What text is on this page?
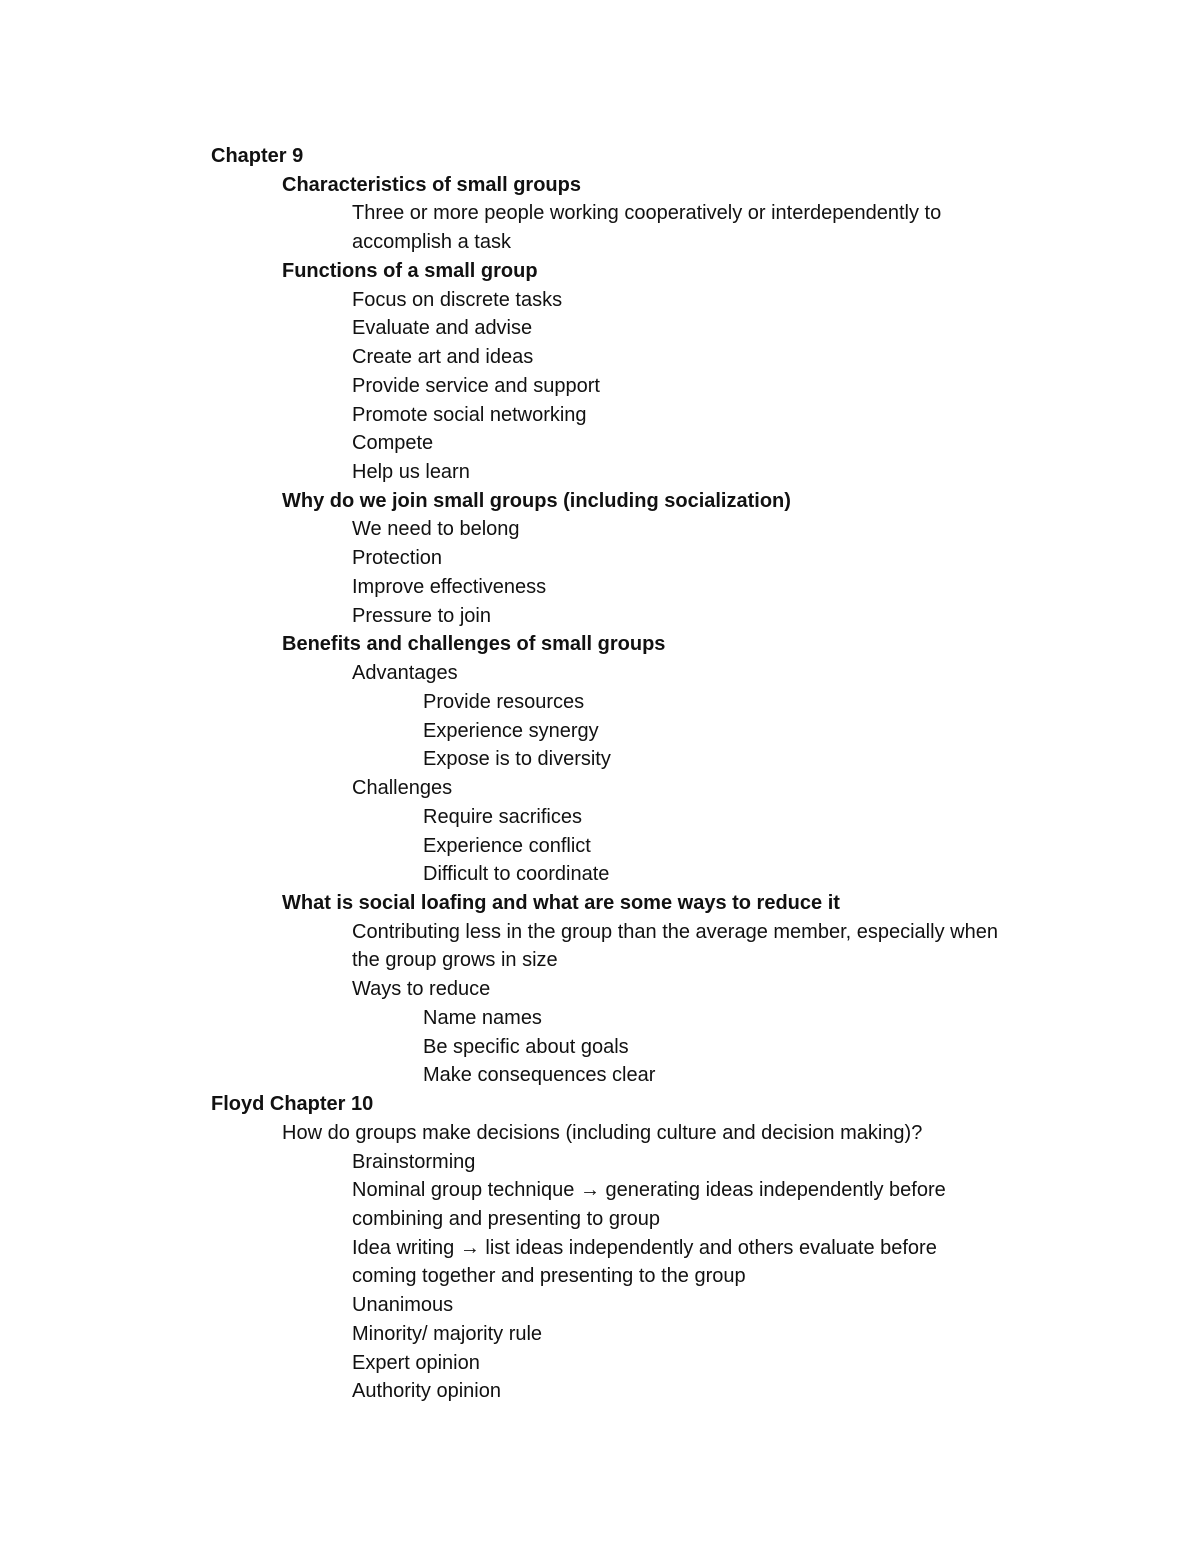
Chapter 9
Characteristics of small groups
Three or more people working cooperatively or interdependently to
accomplish a task
Functions of a small group
Focus on discrete tasks
Evaluate and advise
Create art and ideas
Provide service and support
Promote social networking
Compete
Help us learn
Why do we join small groups (including socialization)
We need to belong
Protection
Improve effectiveness
Pressure to join
Benefits and challenges of small groups
Advantages
Provide resources
Experience synergy
Expose is to diversity
Challenges
Require sacrifices
Experience conflict
Difficult to coordinate
What is social loafing and what are some ways to reduce it
Contributing less in the group than the average member, especially when
the group grows in size
Ways to reduce
Name names
Be specific about goals
Make consequences clear
Floyd Chapter 10
How do groups make decisions (including culture and decision making)?
Brainstorming
Nominal group technique → generating ideas independently before
combining and presenting to group
Idea writing → list ideas independently and others evaluate before
coming together and presenting to the group
Unanimous
Minority/ majority rule
Expert opinion
Authority opinion
